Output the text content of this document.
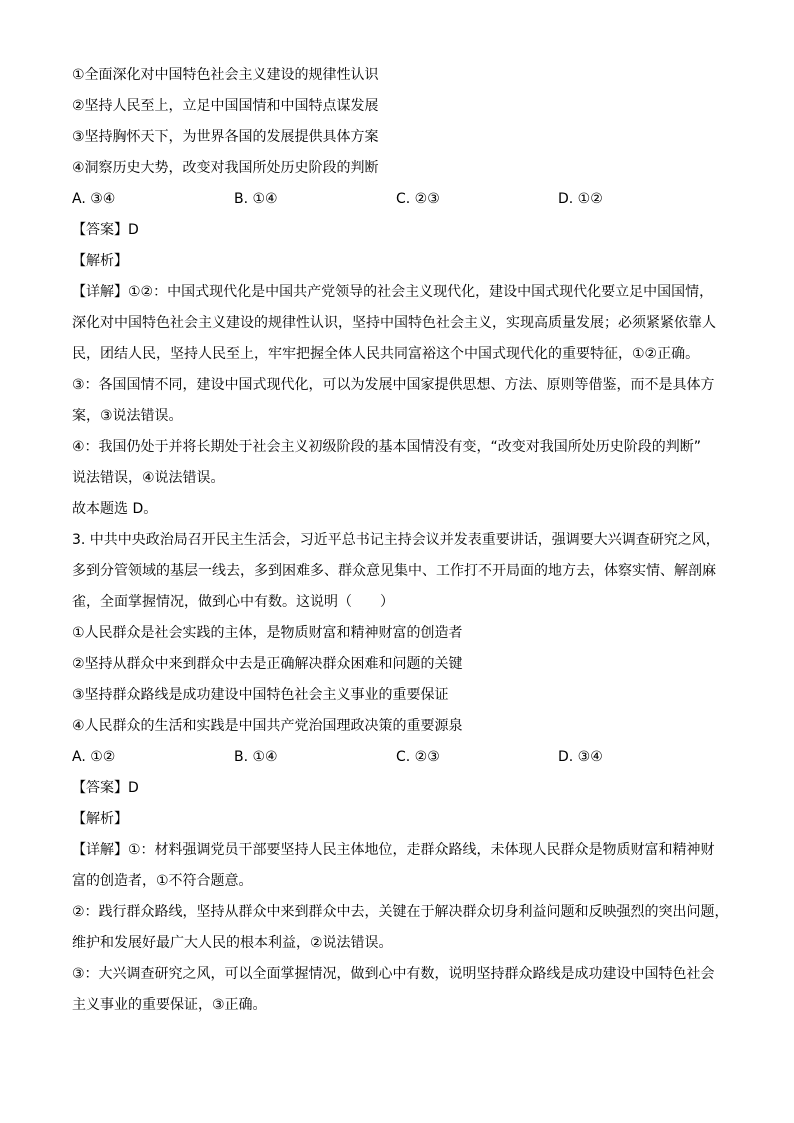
①全面深化对中国特色社会主义建设的规律性认识
②坚持人民至上，立足中国国情和中国特点谋发展
③坚持胸怀天下，为世界各国的发展提供具体方案
④洞察历史大势，改变对我国所处历史阶段的判断
A. ③④	B. ①④	C. ②③	D. ①②
【答案】D
【解析】
【详解】①②：中国式现代化是中国共产党领导的社会主义现代化，建设中国式现代化要立足中国国情，
深化对中国特色社会主义建设的规律性认识，坚持中国特色社会主义，实现高质量发展；必须紧紧依靠人
民，团结人民，坚持人民至上，牢牢把握全体人民共同富裕这个中国式现代化的重要特征，①②正确。
③：各国国情不同，建设中国式现代化，可以为发展中国家提供思想、方法、原则等借鉴，而不是具体方
案，③说法错误。
④：我国仍处于并将长期处于社会主义初级阶段的基本国情没有变，“改变对我国所处历史阶段的判断”
说法错误，④说法错误。
故本题选 D。
3. 中共中央政治局召开民主生活会，习近平总书记主持会议并发表重要讲话，强调要大兴调查研究之风，
多到分管领域的基层一线去，多到困难多、群众意见集中、工作打不开局面的地方去，体察实情、解剖麻
雀，全面掌握情况，做到心中有数。这说明（　　）
①人民群众是社会实践的主体，是物质财富和精神财富的创造者
②坚持从群众中来到群众中去是正确解决群众困难和问题的关键
③坚持群众路线是成功建设中国特色社会主义事业的重要保证
④人民群众的生活和实践是中国共产党治国理政决策的重要源泉
A. ①②	B. ①④	C. ②③	D. ③④
【答案】D
【解析】
【详解】①：材料强调党员干部要坚持人民主体地位，走群众路线，未体现人民群众是物质财富和精神财
富的创造者，①不符合题意。
②：践行群众路线，坚持从群众中来到群众中去，关键在于解决群众切身利益问题和反映强烈的突出问题，
维护和发展好最广大人民的根本利益，②说法错误。
③：大兴调查研究之风，可以全面掌握情况，做到心中有数，说明坚持群众路线是成功建设中国特色社会
主义事业的重要保证，③正确。
